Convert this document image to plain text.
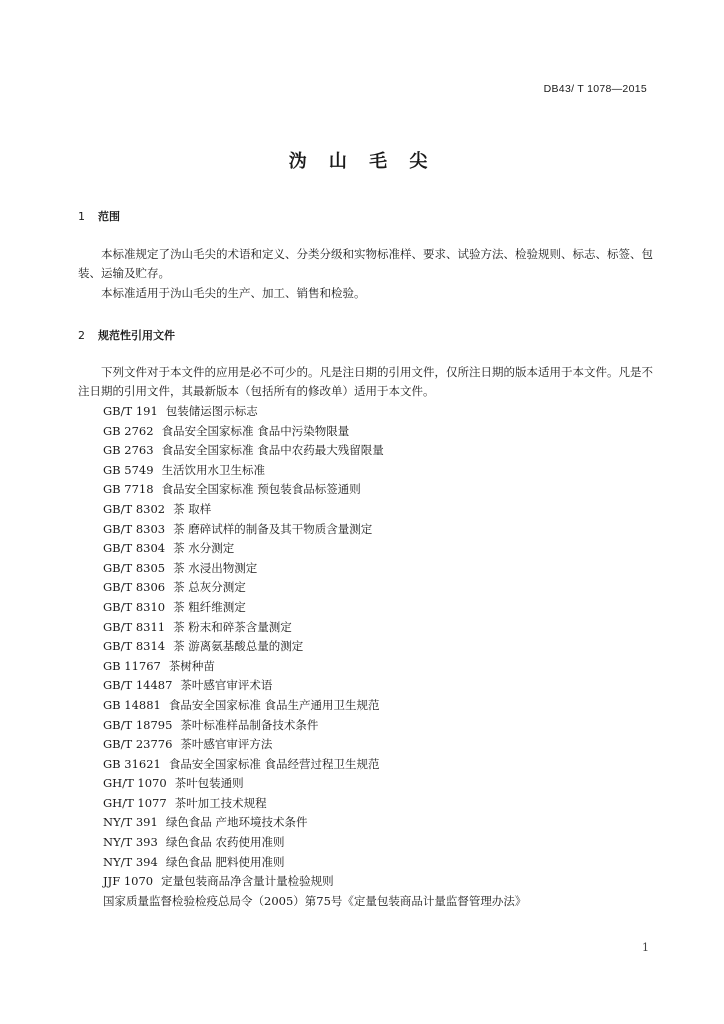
DB43/ T 1078—2015
沩 山 毛 尖
1 范围
本标准规定了沩山毛尖的术语和定义、分类分级和实物标准样、要求、试验方法、检验规则、标志、标签、包装、运输及贮存。
本标准适用于沩山毛尖的生产、加工、销售和检验。
2 规范性引用文件
下列文件对于本文件的应用是必不可少的。凡是注日期的引用文件，仅所注日期的版本适用于本文件。凡是不注日期的引用文件，其最新版本（包括所有的修改单）适用于本文件。
GB/T 191 包装储运图示标志
GB 2762 食品安全国家标准 食品中污染物限量
GB 2763 食品安全国家标准 食品中农药最大残留限量
GB 5749 生活饮用水卫生标准
GB 7718 食品安全国家标准 预包装食品标签通则
GB/T 8302 茶 取样
GB/T 8303 茶 磨碎试样的制备及其干物质含量测定
GB/T 8304 茶 水分测定
GB/T 8305 茶 水浸出物测定
GB/T 8306 茶 总灰分测定
GB/T 8310 茶 粗纤维测定
GB/T 8311 茶 粉末和碎茶含量测定
GB/T 8314 茶 游离氨基酸总量的测定
GB 11767 茶树种苗
GB/T 14487 茶叶感官审评术语
GB 14881 食品安全国家标准 食品生产通用卫生规范
GB/T 18795 茶叶标准样品制备技术条件
GB/T 23776 茶叶感官审评方法
GB 31621 食品安全国家标准 食品经营过程卫生规范
GH/T 1070 茶叶包装通则
GH/T 1077 茶叶加工技术规程
NY/T 391 绿色食品 产地环境技术条件
NY/T 393 绿色食品 农药使用准则
NY/T 394 绿色食品 肥料使用准则
JJF 1070 定量包装商品净含量计量检验规则
国家质量监督检验检疫总局令（2005）第75号《定量包装商品计量监督管理办法》
1
